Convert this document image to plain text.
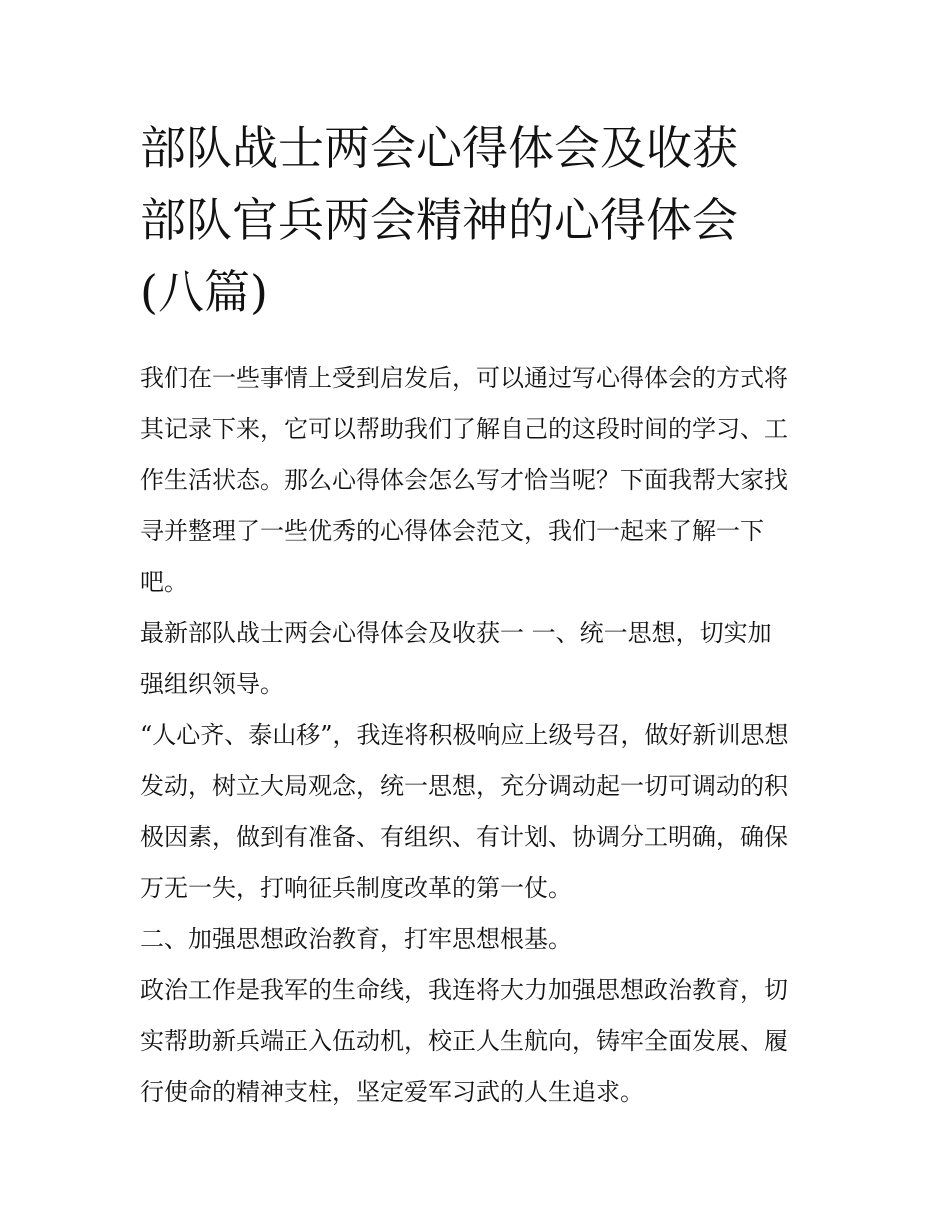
部队战士两会心得体会及收获
部队官兵两会精神的心得体会
(八篇)
我们在一些事情上受到启发后，可以通过写心得体会的方式将
其记录下来，它可以帮助我们了解自己的这段时间的学习、工
作生活状态。那么心得体会怎么写才恰当呢？下面我帮大家找
寻并整理了一些优秀的心得体会范文，我们一起来了解一下
吧。
最新部队战士两会心得体会及收获一 一、统一思想，切实加
强组织领导。
“人心齐、泰山移”，我连将积极响应上级号召，做好新训思想
发动，树立大局观念，统一思想，充分调动起一切可调动的积
极因素，做到有准备、有组织、有计划、协调分工明确，确保
万无一失，打响征兵制度改革的第一仗。
二、加强思想政治教育，打牢思想根基。
政治工作是我军的生命线，我连将大力加强思想政治教育，切
实帮助新兵端正入伍动机，校正人生航向，铸牢全面发展、履
行使命的精神支柱，坚定爱军习武的人生追求。
